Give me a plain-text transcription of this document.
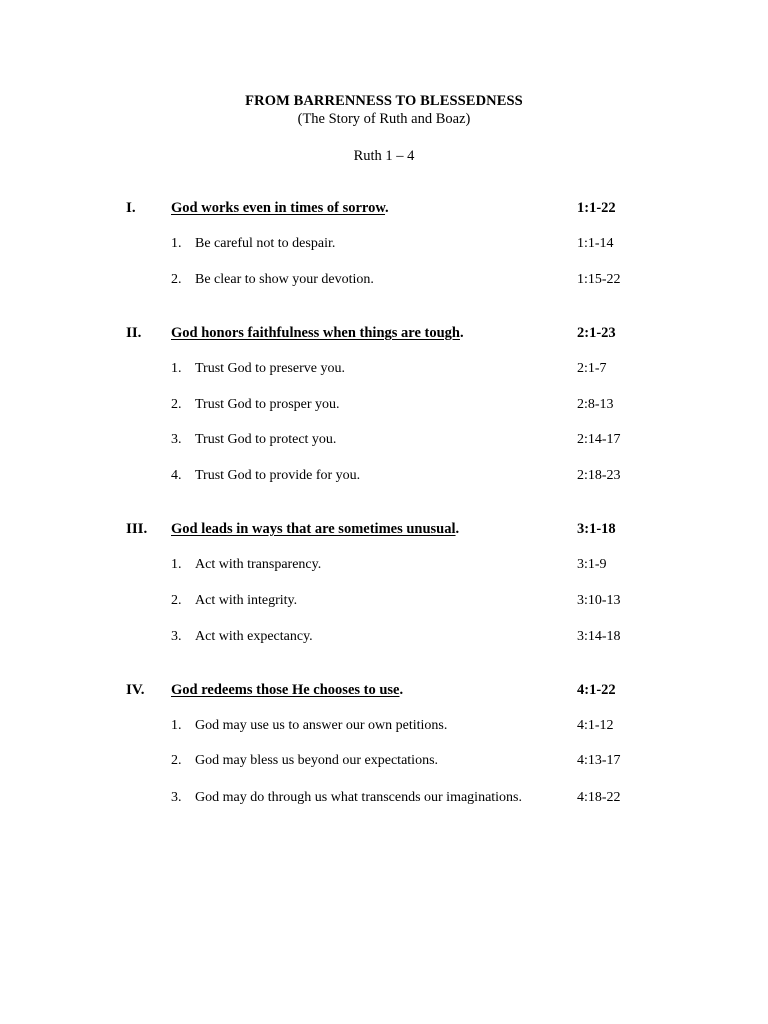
FROM BARRENNESS TO BLESSEDNESS
(The Story of Ruth and Boaz)
Ruth 1 – 4
I. God works even in times of sorrow.	1:1-22
1. Be careful not to despair.	1:1-14
2. Be clear to show your devotion.	1:15-22
II. God honors faithfulness when things are tough.	2:1-23
1. Trust God to preserve you.	2:1-7
2. Trust God to prosper you.	2:8-13
3. Trust God to protect you.	2:14-17
4. Trust God to provide for you.	2:18-23
III. God leads in ways that are sometimes unusual.	3:1-18
1. Act with transparency.	3:1-9
2. Act with integrity.	3:10-13
3. Act with expectancy.	3:14-18
IV. God redeems those He chooses to use.	4:1-22
1. God may use us to answer our own petitions.	4:1-12
2. God may bless us beyond our expectations.	4:13-17
3. God may do through us what transcends our imaginations.	4:18-22
